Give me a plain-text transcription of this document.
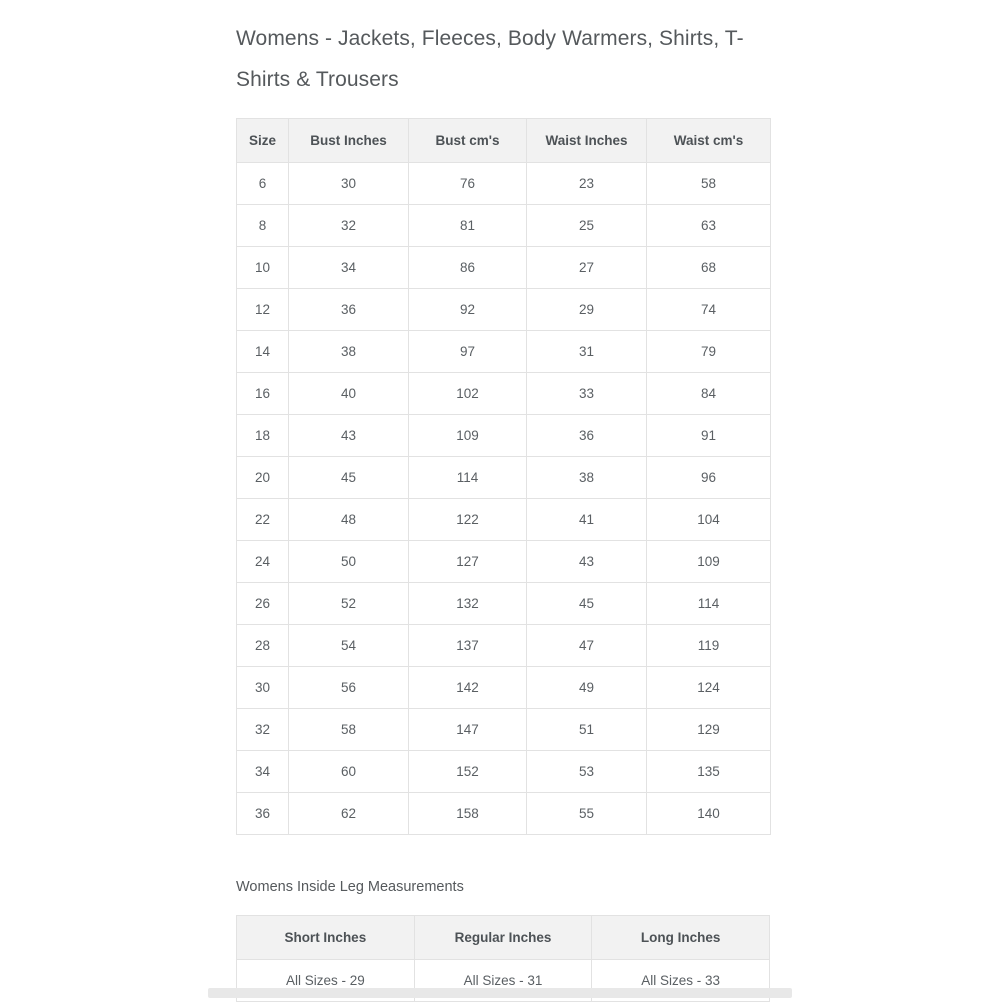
Womens - Jackets, Fleeces, Body Warmers, Shirts, T-Shirts & Trousers
Size	Bust Inches	Bust cm's	Waist Inches	Waist cm's
6	30	76	23	58
8	32	81	25	63
10	34	86	27	68
12	36	92	29	74
14	38	97	31	79
16	40	102	33	84
18	43	109	36	91
20	45	114	38	96
22	48	122	41	104
24	50	127	43	109
26	52	132	45	114
28	54	137	47	119
30	56	142	49	124
32	58	147	51	129
34	60	152	53	135
36	62	158	55	140
Womens Inside Leg Measurements
Short Inches	Regular Inches	Long Inches
All Sizes - 29	All Sizes - 31	All Sizes - 33
